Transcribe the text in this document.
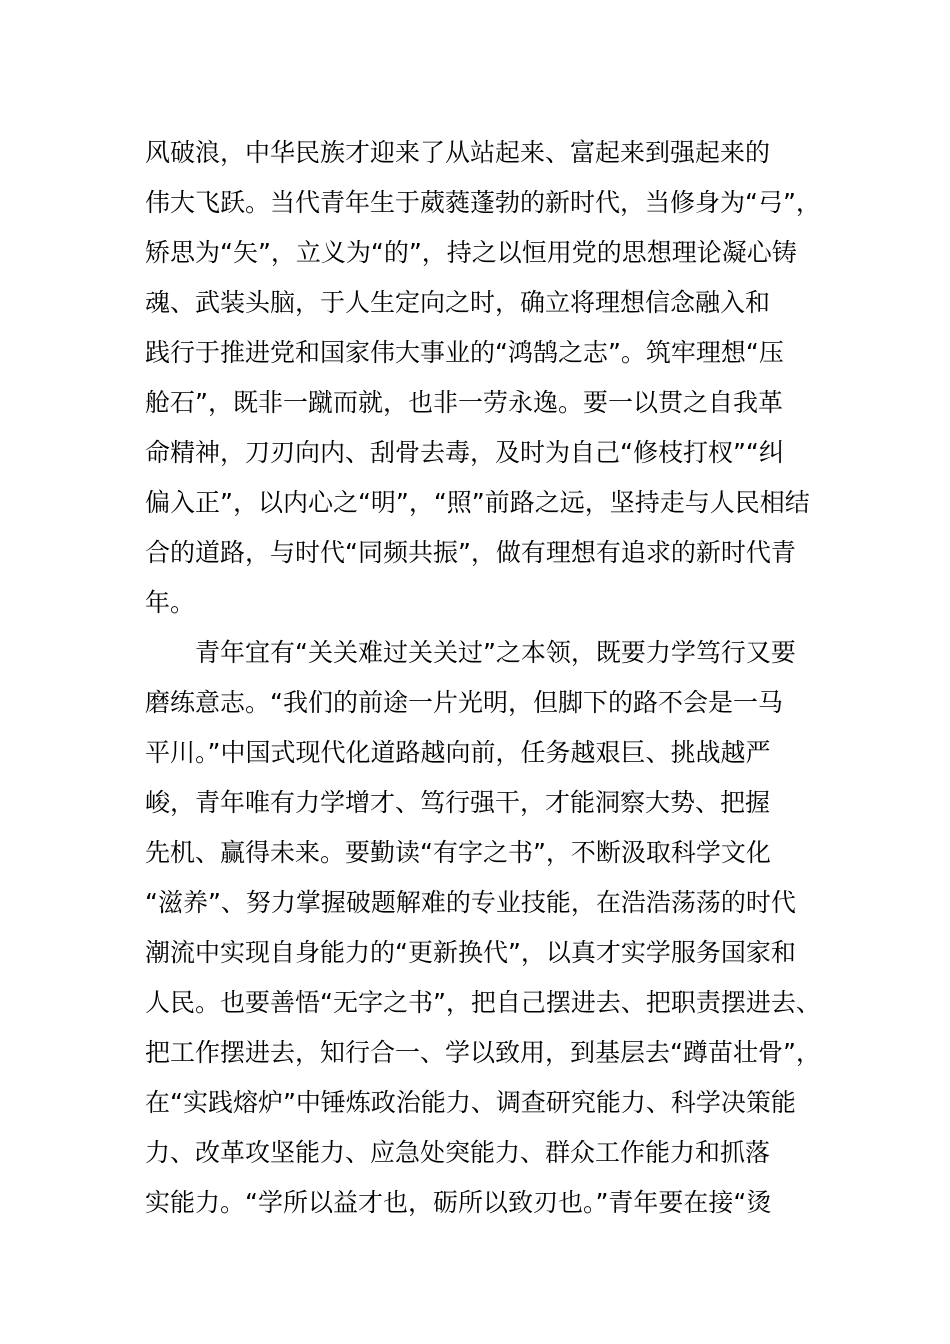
风破浪，中华民族才迎来了从站起来、富起来到强起来的
伟大飞跃。当代青年生于葳蕤蓬勃的新时代，当修身为“弓”，
矫思为“矢”，立义为“的”，持之以恒用党的思想理论凝心铸
魂、武装头脑，于人生定向之时，确立将理想信念融入和
践行于推进党和国家伟大事业的“鸿鹄之志”。筑牢理想“压
舱石”，既非一蹴而就，也非一劳永逸。要一以贯之自我革
命精神，刀刃向内、刮骨去毒，及时为自己“修枝打杈”“纠
偏入正”，以内心之“明”，“照”前路之远，坚持走与人民相结
合的道路，与时代“同频共振”，做有理想有追求的新时代青
年。
　　青年宜有“关关难过关关过”之本领，既要力学笃行又要
磨练意志。“我们的前途一片光明，但脚下的路不会是一马
平川。”中国式现代化道路越向前，任务越艰巨、挑战越严
峻，青年唯有力学增才、笃行强干，才能洞察大势、把握
先机、赢得未来。要勤读“有字之书”，不断汲取科学文化
“滋养”、努力掌握破题解难的专业技能，在浩浩荡荡的时代
潮流中实现自身能力的“更新换代”，以真才实学服务国家和
人民。也要善悟“无字之书”，把自己摆进去、把职责摆进去、
把工作摆进去，知行合一、学以致用，到基层去“蹲苗壮骨”，
在“实践熔炉”中锤炼政治能力、调查研究能力、科学决策能
力、改革攻坚能力、应急处突能力、群众工作能力和抓落
实能力。“学所以益才也，砺所以致刃也。”青年要在接“烫
